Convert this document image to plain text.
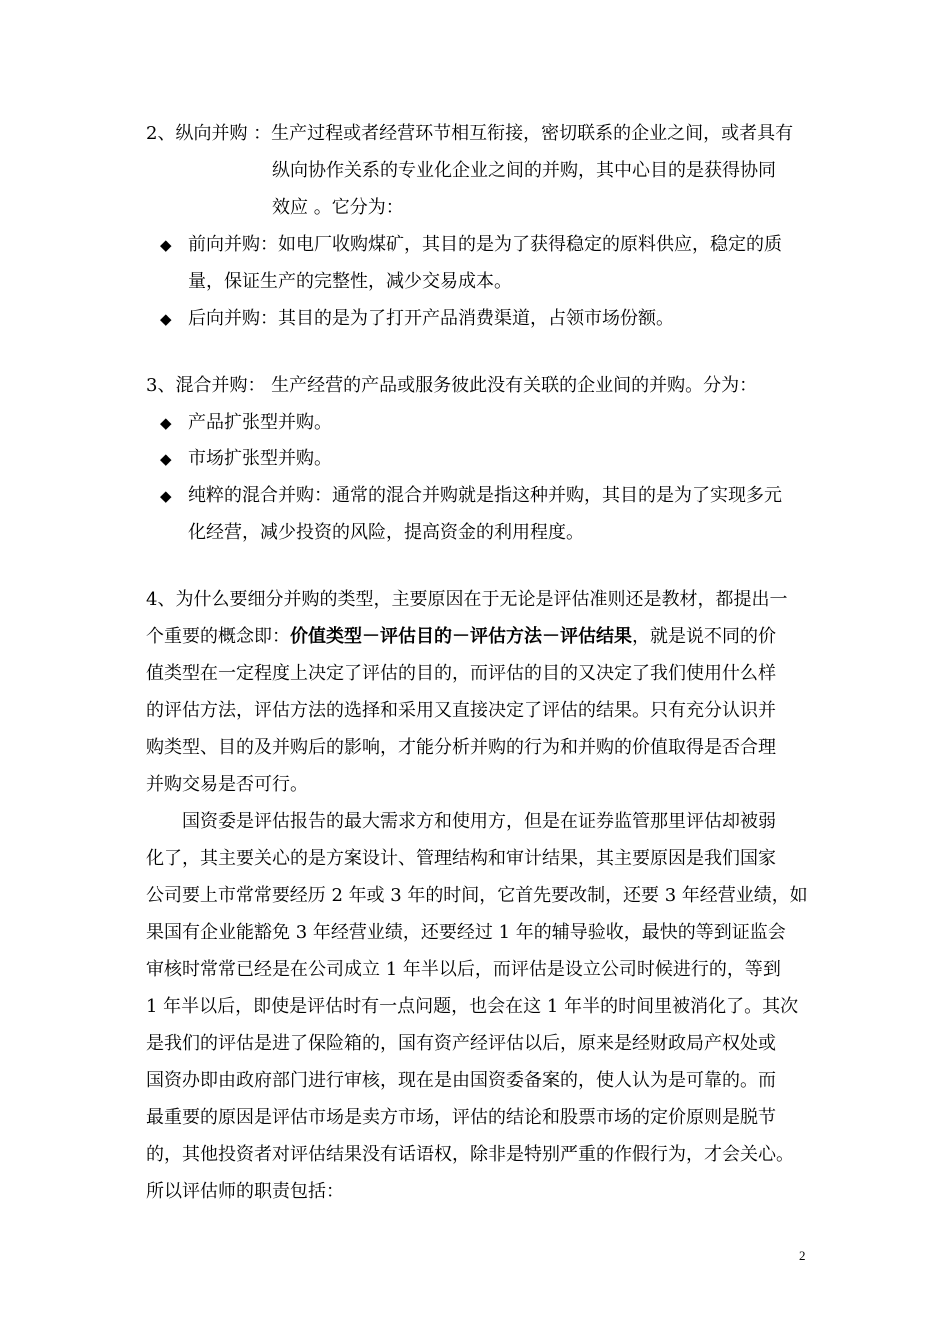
2、纵向并购 ：生产过程或者经营环节相互衔接，密切联系的企业之间，或者具有

纵向协作关系的专业化企业之间的并购，其中心目的是获得协同

效应 。它分为：

◆ 前向并购：如电厂收购煤矿，其目的是为了获得稳定的原料供应，稳定的质

量，保证生产的完整性，减少交易成本。

◆ 后向并购：其目的是为了打开产品消费渠道，占领市场份额。

3、混合并购： 生产经营的产品或服务彼此没有关联的企业间的并购。分为：

◆ 产品扩张型并购。

◆ 市场扩张型并购。

◆ 纯粹的混合并购：通常的混合并购就是指这种并购，其目的是为了实现多元

化经营，减少投资的风险，提高资金的利用程度。

4、为什么要细分并购的类型，主要原因在于无论是评估准则还是教材，都提出一

个重要的概念即：价值类型－评估目的－评估方法－评估结果，就是说不同的价

值类型在一定程度上决定了评估的目的，而评估的目的又决定了我们使用什么样

的评估方法，评估方法的选择和采用又直接决定了评估的结果。只有充分认识并

购类型、目的及并购后的影响，才能分析并购的行为和并购的价值取得是否合理

并购交易是否可行。

国资委是评估报告的最大需求方和使用方，但是在证券监管那里评估却被弱

化了，其主要关心的是方案设计、管理结构和审计结果，其主要原因是我们国家

公司要上市常常要经历 2 年或 3 年的时间，它首先要改制，还要 3 年经营业绩，如

果国有企业能豁免 3 年经营业绩，还要经过 1 年的辅导验收，最快的等到证监会

审核时常常已经是在公司成立 1 年半以后，而评估是设立公司时候进行的，等到

1 年半以后，即使是评估时有一点问题，也会在这 1 年半的时间里被消化了。其次

是我们的评估是进了保险箱的，国有资产经评估以后，原来是经财政局产权处或

国资办即由政府部门进行审核，现在是由国资委备案的，使人认为是可靠的。而

最重要的原因是评估市场是卖方市场，评估的结论和股票市场的定价原则是脱节

的，其他投资者对评估结果没有话语权，除非是特别严重的作假行为，才会关心。

所以评估师的职责包括：

2
